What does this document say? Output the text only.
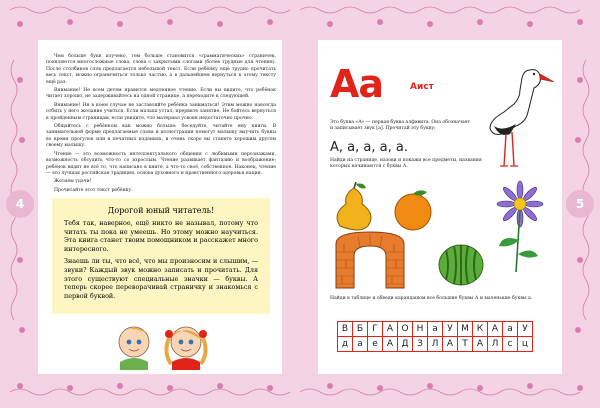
4

Чем больше букв изучено, тем больше становится «грамматических» страничек, появляются многосложные слова, слова с закрытыми слогами (более трудные для чтения). После столбиков слов предлагается небольшой текст. Если ребёнку ещё трудно прочитать весь текст, можно ограничиться только частью, а в дальнейшем вернуться к этому тексту ещё раз.

Внимание! Не всем детям нравится медленное чтение. Если вы видите, что ребёнок читает хорошо, не задерживайтесь на одной странице, а переходите к следующей.

Внимание! Ни в коем случае не заставляйте ребёнка заниматься! Этим можно навсегда отбить у него желание учиться. Если малыш устал, прервите занятие. Не бойтесь вернуться к пройденным страницам, если увидите, что материал усвоен недостаточно прочно.

Общайтесь с ребёнком как можно больше: беседуйте, читайте ему книги. В занимательной форме предлагаемые слова и иллюстрации помогут малышу выучить буквы во время прогулок или в печатных изданиях, и очень скоро вы станете хорошим другом своему малышу.

Чтение — это возможность интеллектуального общения с любимыми персонажами, возможность обсудить что-то со взрослым. Чтение развивает фантазию и воображение; ребёнок видит не всё то, что написано в книге, а что-то своё, собственное. Наконец, чтение — это лучшая российская традиция, основа духовного и нравственного здоровья нации.

Желаем удачи!

Прочитайте этот текст ребёнку.

Дорогой юный читатель!
Тебя так, наверное, ещё никто не называл, потому что читать ты пока не умеешь. Но этому можно научиться. Эта книга станет твоим помощником и расскажет много интересного.
Знаешь ли ты, что всё, что мы произносим и слышим, — звуки? Каждый звук можно записать и прочитать. Для этого существуют специальные значки — буквы. А теперь скорее переворачивай страничку и знакомься с первой буквой.
5
Аа	Аист
Это буква «А» — первая буква алфавита. Она обозначает и записывает звук [а]. Прочитай эту букву:
А, а, а, а, а.
Найди на странице, назови и покажи все предметы, названия которых начинаются с буквы А.
Найди в таблице и обведи карандашом все большие буквы А и маленькие буквы а.
В Б	Г	А О Н а	У М К А	а	У
д	а	е	А Д З Л А	Т	А Л	с	ц
